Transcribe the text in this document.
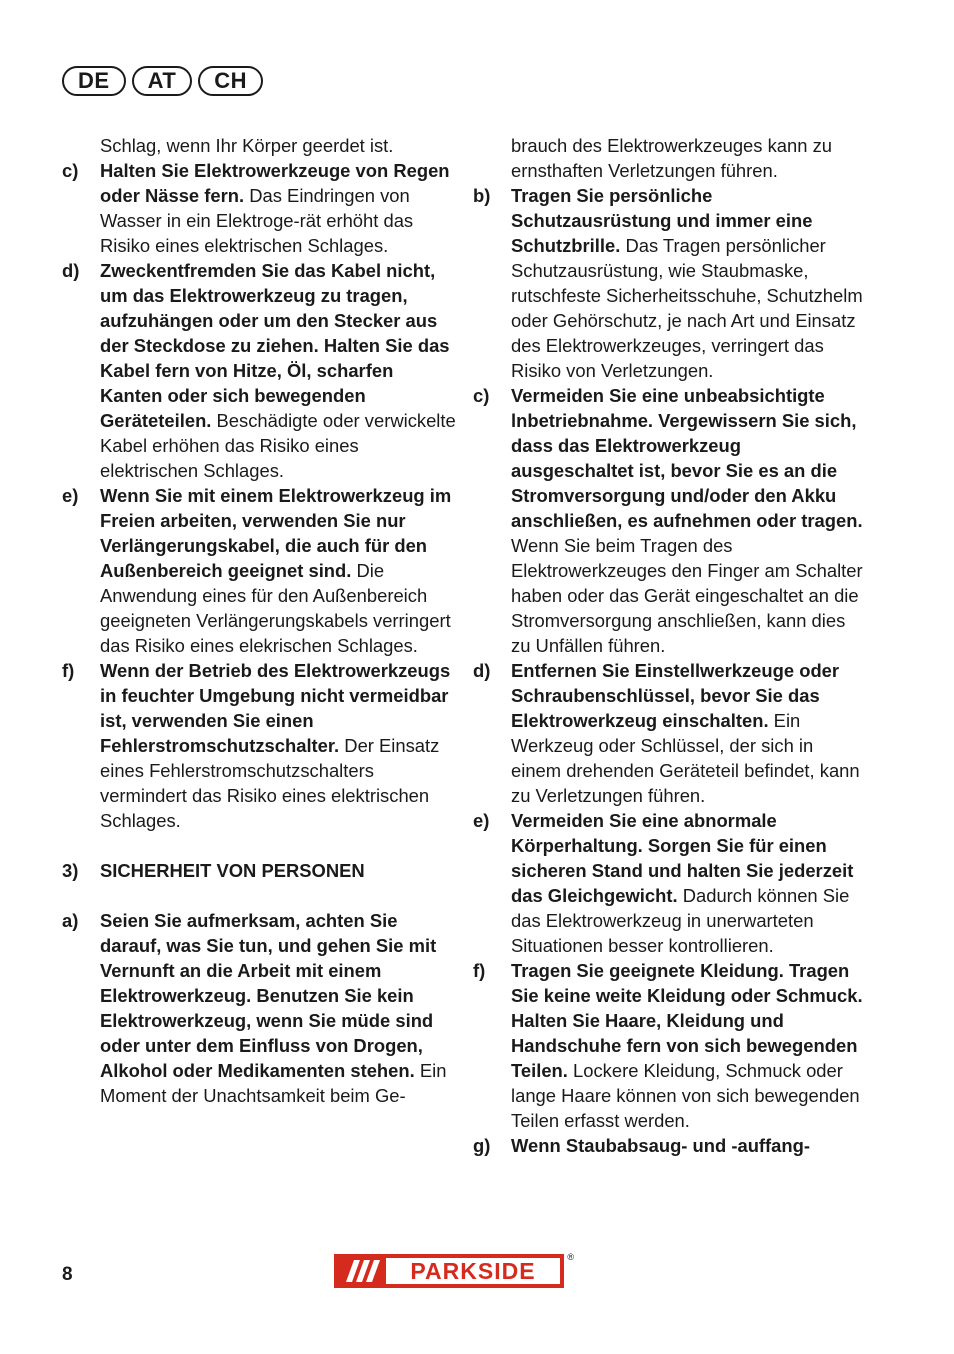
DE	AT	CH
Schlag, wenn Ihr Körper geerdet ist.
c)	Halten Sie Elektrowerkzeuge von Regen oder Nässe fern. Das Eindringen von Wasser in ein Elektroge-rät erhöht das Risiko eines elektrischen Schlages.
d)	Zweckentfremden Sie das Kabel nicht, um das Elektrowerkzeug zu tragen, aufzuhängen oder um den Stecker aus der Steckdose zu ziehen. Halten Sie das Kabel fern von Hitze, Öl, scharfen Kanten oder sich bewegenden Geräteteilen. Beschädigte oder verwickelte Kabel erhöhen das Risiko eines elektrischen Schlages.
e)	Wenn Sie mit einem Elektrowerkzeug im Freien arbeiten, verwenden Sie nur Verlängerungskabel, die auch für den Außenbereich geeignet sind. Die Anwendung eines für den Außenbereich geeigneten Verlängerungskabels verringert das Risiko eines elekrischen Schlages.
f)	Wenn der Betrieb des Elektrowerkzeugs in feuchter Umgebung nicht vermeidbar ist, verwenden Sie einen Fehlerstromschutzschalter. Der Einsatz eines Fehlerstromschutzschalters vermindert das Risiko eines elektrischen Schlages.
3)	SICHERHEIT VON PERSONEN
a)	Seien Sie aufmerksam, achten Sie darauf, was Sie tun, und gehen Sie mit Vernunft an die Arbeit mit einem Elektrowerkzeug. Benutzen Sie kein Elektrowerkzeug, wenn Sie müde sind oder unter dem Einfluss von Drogen, Alkohol oder Medikamenten stehen. Ein Moment der Unachtsamkeit beim Ge-
brauch des Elektrowerkzeuges kann zu ernsthaften Verletzungen führen.
b)	Tragen Sie persönliche Schutzausrüstung und immer eine Schutzbrille. Das Tragen persönlicher Schutzausrüstung, wie Staubmaske, rutschfeste Sicherheitsschuhe, Schutzhelm oder Gehörschutz, je nach Art und Einsatz des Elektrowerkzeuges, verringert das Risiko von Verletzungen.
c)	Vermeiden Sie eine unbeabsichtigte lnbetriebnahme. Vergewissern Sie sich, dass das Elektrowerkzeug ausgeschaltet ist, bevor Sie es an die Stromversorgung und/oder den Akku anschließen, es aufnehmen oder tragen. Wenn Sie beim Tragen des Elektrowerkzeuges den Finger am Schalter haben oder das Gerät eingeschaltet an die Stromversorgung anschließen, kann dies zu Unfällen führen.
d)	Entfernen Sie Einstellwerkzeuge oder Schraubenschlüssel, bevor Sie das Elektrowerkzeug einschalten. Ein Werkzeug oder Schlüssel, der sich in einem drehenden Geräteteil befindet, kann zu Verletzungen führen.
e)	Vermeiden Sie eine abnormale Körperhaltung. Sorgen Sie für einen sicheren Stand und halten Sie jederzeit das Gleichgewicht. Dadurch können Sie das Elektrowerkzeug in unerwarteten Situationen besser kontrollieren.
f)	Tragen Sie geeignete Kleidung. Tragen Sie keine weite Kleidung oder Schmuck. Halten Sie Haare, Kleidung und Handschuhe fern von sich bewegenden Teilen. Lockere Kleidung, Schmuck oder lange Haare können von sich bewegenden Teilen erfasst werden.
g)	Wenn Staubabsaug- und -auffang-
8	PARKSIDE
®
